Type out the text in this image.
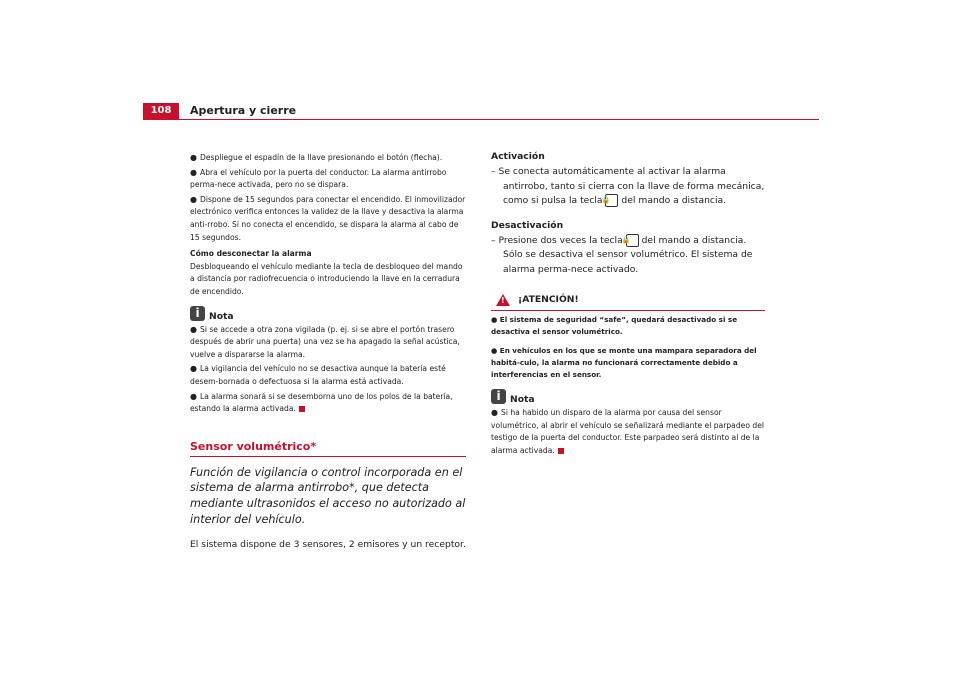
108	Apertura y cierre

● Despliegue el espadín de la llave presionando el botón (flecha).

● Abra el vehículo por la puerta del conductor. La alarma antirrobo perma-nece activada, pero no se dispara.

● Dispone de 15 segundos para conectar el encendido. El inmovilizador electrónico verifica entonces la validez de la llave y desactiva la alarma anti-rrobo. Si no conecta el encendido, se dispara la alarma al cabo de 15 segundos.

Cómo desconectar la alarma

Desbloqueando el vehículo mediante la tecla de desbloqueo del mando a distancia por radiofrecuencia o introduciendo la llave en la cerradura de encendido.

i	Nota

● Si se accede a otra zona vigilada (p. ej. si se abre el portón trasero después de abrir una puerta) una vez se ha apagado la señal acústica, vuelve a dispararse la alarma.

● La vigilancia del vehículo no se desactiva aunque la batería esté desem-bornada o defectuosa si la alarma está activada.

● La alarma sonará si se desemborna uno de los polos de la batería, estando la alarma activada.

Sensor volumétrico*
Función de vigilancia o control incorporada en el sistema de alarma antirrobo*, que detecta mediante ultrasonidos el acceso no autorizado al interior del vehículo.
El sistema dispone de 3 sensores, 2 emisores y un receptor.
Activación
– Se conecta automáticamente al activar la alarma antirrobo, tanto si cierra con la llave de forma mecánica, como si pulsa la tecla 🔒 del mando a distancia.
Desactivación
– Presione dos veces la tecla 🔒 del mando a distancia. Sólo se desactiva el sensor volumétrico. El sistema de alarma perma-nece activado.
! ¡ATENCIÓN!

● El sistema de seguridad “safe”, quedará desactivado si se desactiva el sensor volumétrico.

● En vehículos en los que se monte una mampara separadora del habitá-culo, la alarma no funcionará correctamente debido a interferencias en el sensor.

i	Nota

● Si ha habido un disparo de la alarma por causa del sensor volumétrico, al abrir el vehículo se señalizará mediante el parpadeo del testigo de la puerta del conductor. Este parpadeo será distinto al de la alarma activada.
